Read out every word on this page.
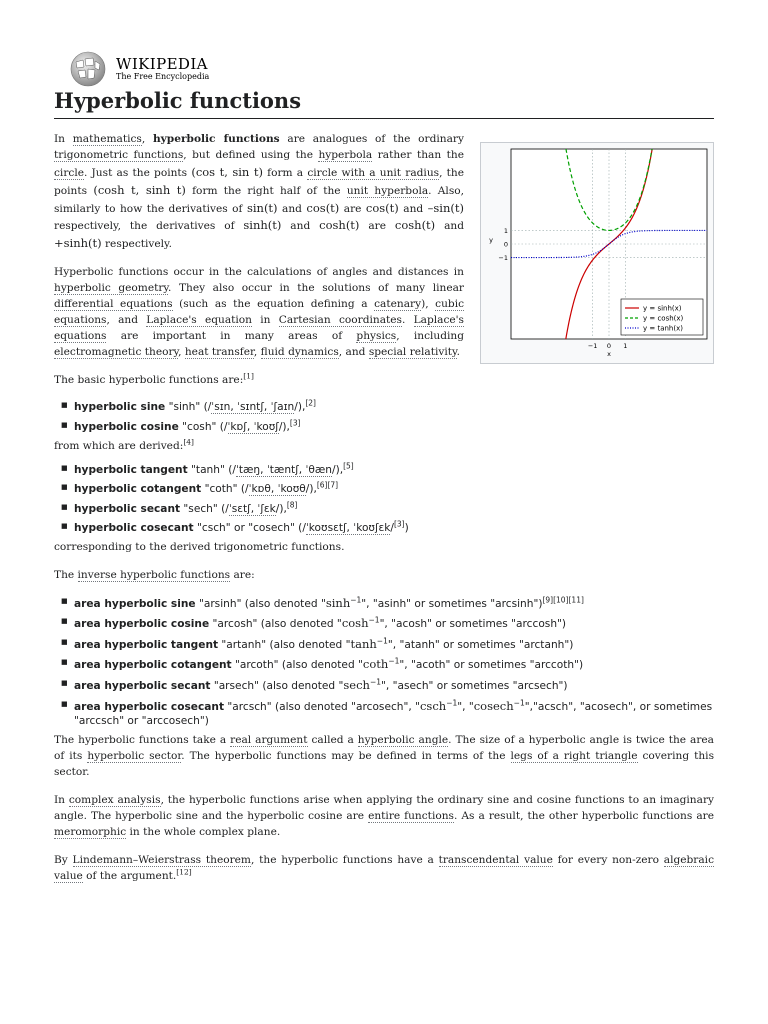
WIKIPEDIA
The Free Encyclopedia
Hyperbolic functions
−1 0 1
1
0
−1
x
y
y = sinh(x)
y = cosh(x)
y = tanh(x)

In mathematics, hyperbolic functions are analogues of the ordinary trigonometric functions, but defined using the hyperbola rather than the circle. Just as the points (cos t, sin t) form a circle with a unit radius, the points (cosh t, sinh t) form the right half of the unit hyperbola. Also, similarly to how the derivatives of sin(t) and cos(t) are cos(t) and –sin(t) respectively, the derivatives of sinh(t) and cosh(t) are cosh(t) and +sinh(t) respectively.

Hyperbolic functions occur in the calculations of angles and distances in hyperbolic geometry. They also occur in the solutions of many linear differential equations (such as the equation defining a catenary), cubic equations, and Laplace's equation in Cartesian coordinates. Laplace's equations are important in many areas of physics, including electromagnetic theory, heat transfer, fluid dynamics, and special relativity.

The basic hyperbolic functions are:[1]

■ hyperbolic sine "sinh" (/ˈsɪn, ˈsɪntʃ, ˈʃaɪn/),[2]
■ hyperbolic cosine "cosh" (/ˈkɒʃ, ˈkoʊʃ/),[3]

from which are derived:[4]

■ hyperbolic tangent "tanh" (/ˈtæŋ, ˈtæntʃ, ˈθæn/),[5]
■ hyperbolic cotangent "coth" (/ˈkɒθ, ˈkoʊθ/),[6][7]
■ hyperbolic secant "sech" (/ˈsɛtʃ, ˈʃɛk/),[8]
■ hyperbolic cosecant "csch" or "cosech" (/ˈkoʊsɛtʃ, ˈkoʊʃɛk/[3])

corresponding to the derived trigonometric functions.

The inverse hyperbolic functions are:

■ area hyperbolic sine "arsinh" (also denoted "$\sinh^{-1}$", "asinh" or sometimes "arcsinh")[9][10][11]
■ area hyperbolic cosine "arcosh" (also denoted "$\cosh^{-1}$", "acosh" or sometimes "arccosh")
■ area hyperbolic tangent "artanh" (also denoted "$\tanh^{-1}$", "atanh" or sometimes "arctanh")
■ area hyperbolic cotangent "arcoth" (also denoted "coth$^{-1}$", "acoth" or sometimes "arccoth")
■ area hyperbolic secant "arsech" (also denoted "sech$^{-1}$", "asech" or sometimes "arcsech")
■ area hyperbolic cosecant "arcsch" (also denoted "arcosech", "csch$^{-1}$", "cosech$^{-1}$","acsch", "acosech", or sometimes "arccsch" or "arccosech")

The hyperbolic functions take a real argument called a hyperbolic angle. The size of a hyperbolic angle is twice the area of its hyperbolic sector. The hyperbolic functions may be defined in terms of the legs of a right triangle covering this sector.

In complex analysis, the hyperbolic functions arise when applying the ordinary sine and cosine functions to an imaginary angle. The hyperbolic sine and the hyperbolic cosine are entire functions. As a result, the other hyperbolic functions are meromorphic in the whole complex plane.

By Lindemann–Weierstrass theorem, the hyperbolic functions have a transcendental value for every non-zero algebraic value of the argument.[12]
